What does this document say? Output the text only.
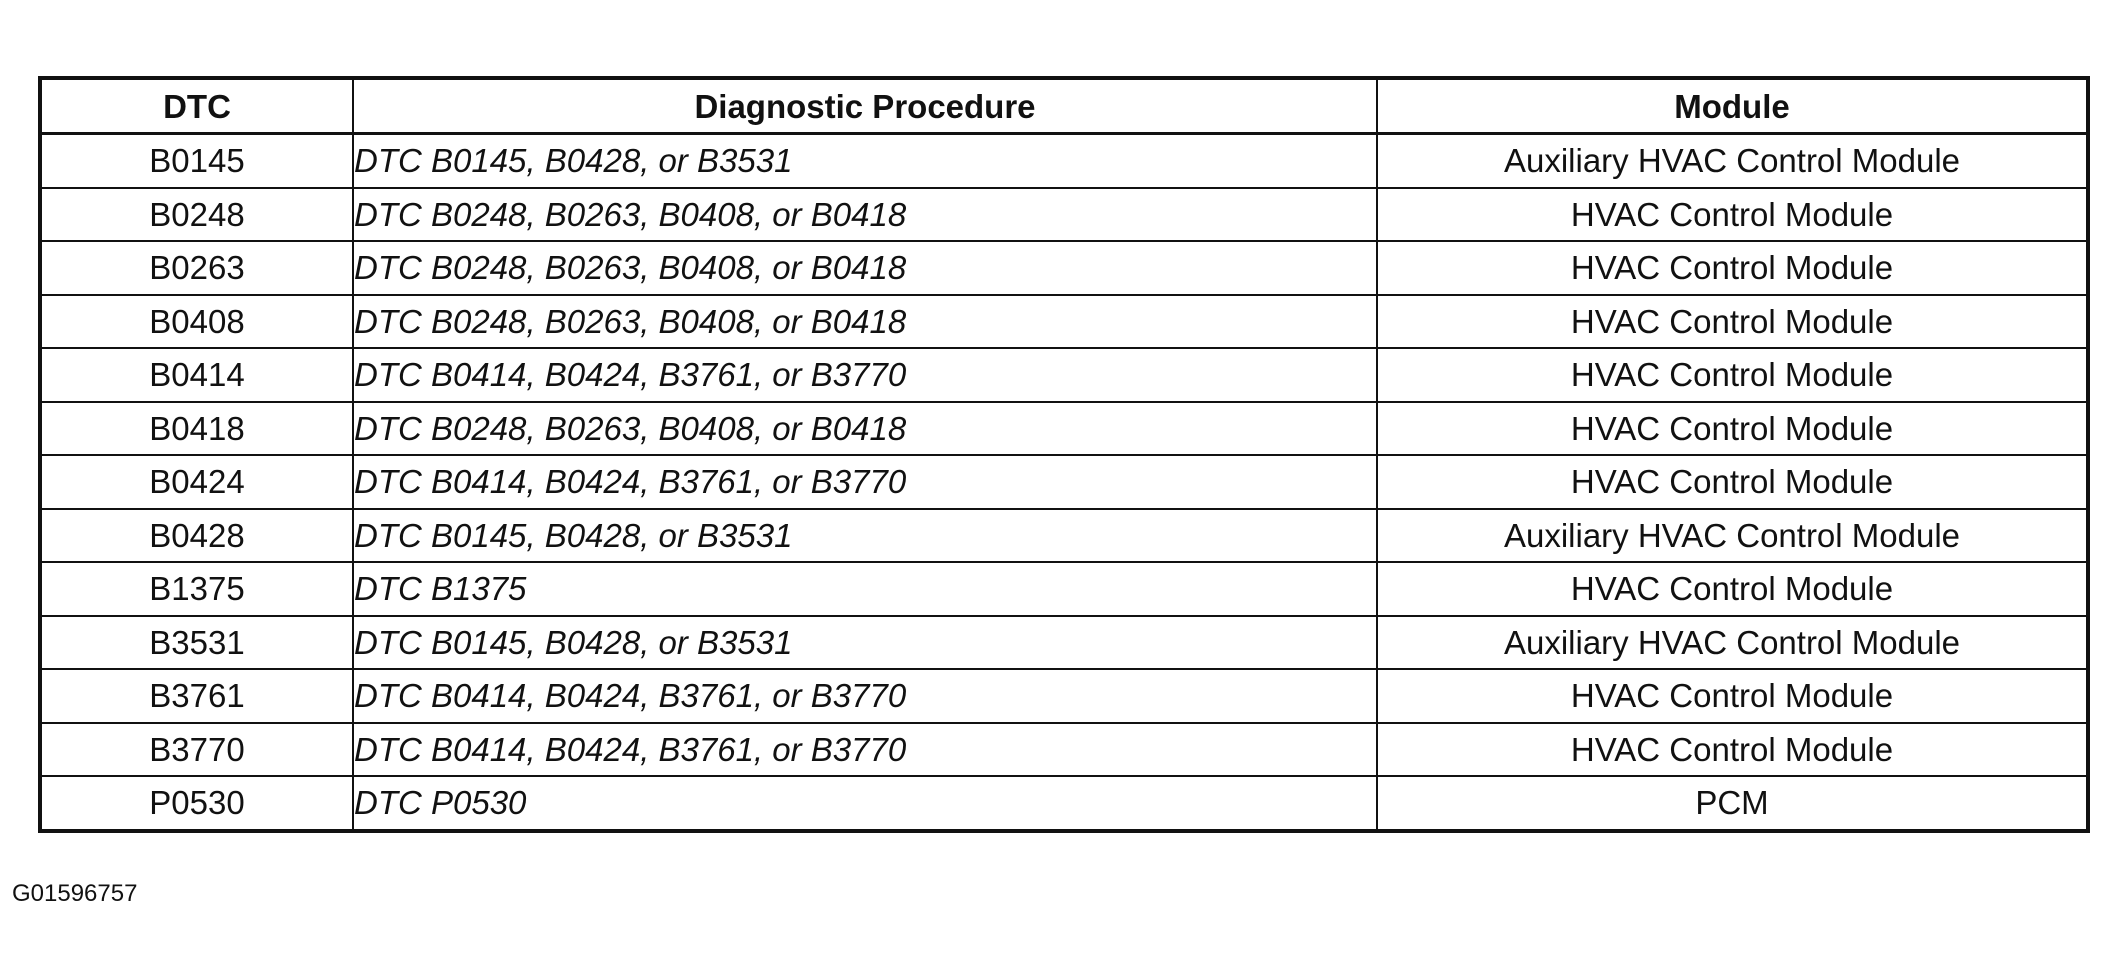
DTC	Diagnostic Procedure	Module
B0145	DTC B0145, B0428, or B3531	Auxiliary HVAC Control Module
B0248	DTC B0248, B0263, B0408, or B0418	HVAC Control Module
B0263	DTC B0248, B0263, B0408, or B0418	HVAC Control Module
B0408	DTC B0248, B0263, B0408, or B0418	HVAC Control Module
B0414	DTC B0414, B0424, B3761, or B3770	HVAC Control Module
B0418	DTC B0248, B0263, B0408, or B0418	HVAC Control Module
B0424	DTC B0414, B0424, B3761, or B3770	HVAC Control Module
B0428	DTC B0145, B0428, or B3531	Auxiliary HVAC Control Module
B1375	DTC B1375	HVAC Control Module
B3531	DTC B0145, B0428, or B3531	Auxiliary HVAC Control Module
B3761	DTC B0414, B0424, B3761, or B3770	HVAC Control Module
B3770	DTC B0414, B0424, B3761, or B3770	HVAC Control Module
P0530	DTC P0530	PCM
G01596757
